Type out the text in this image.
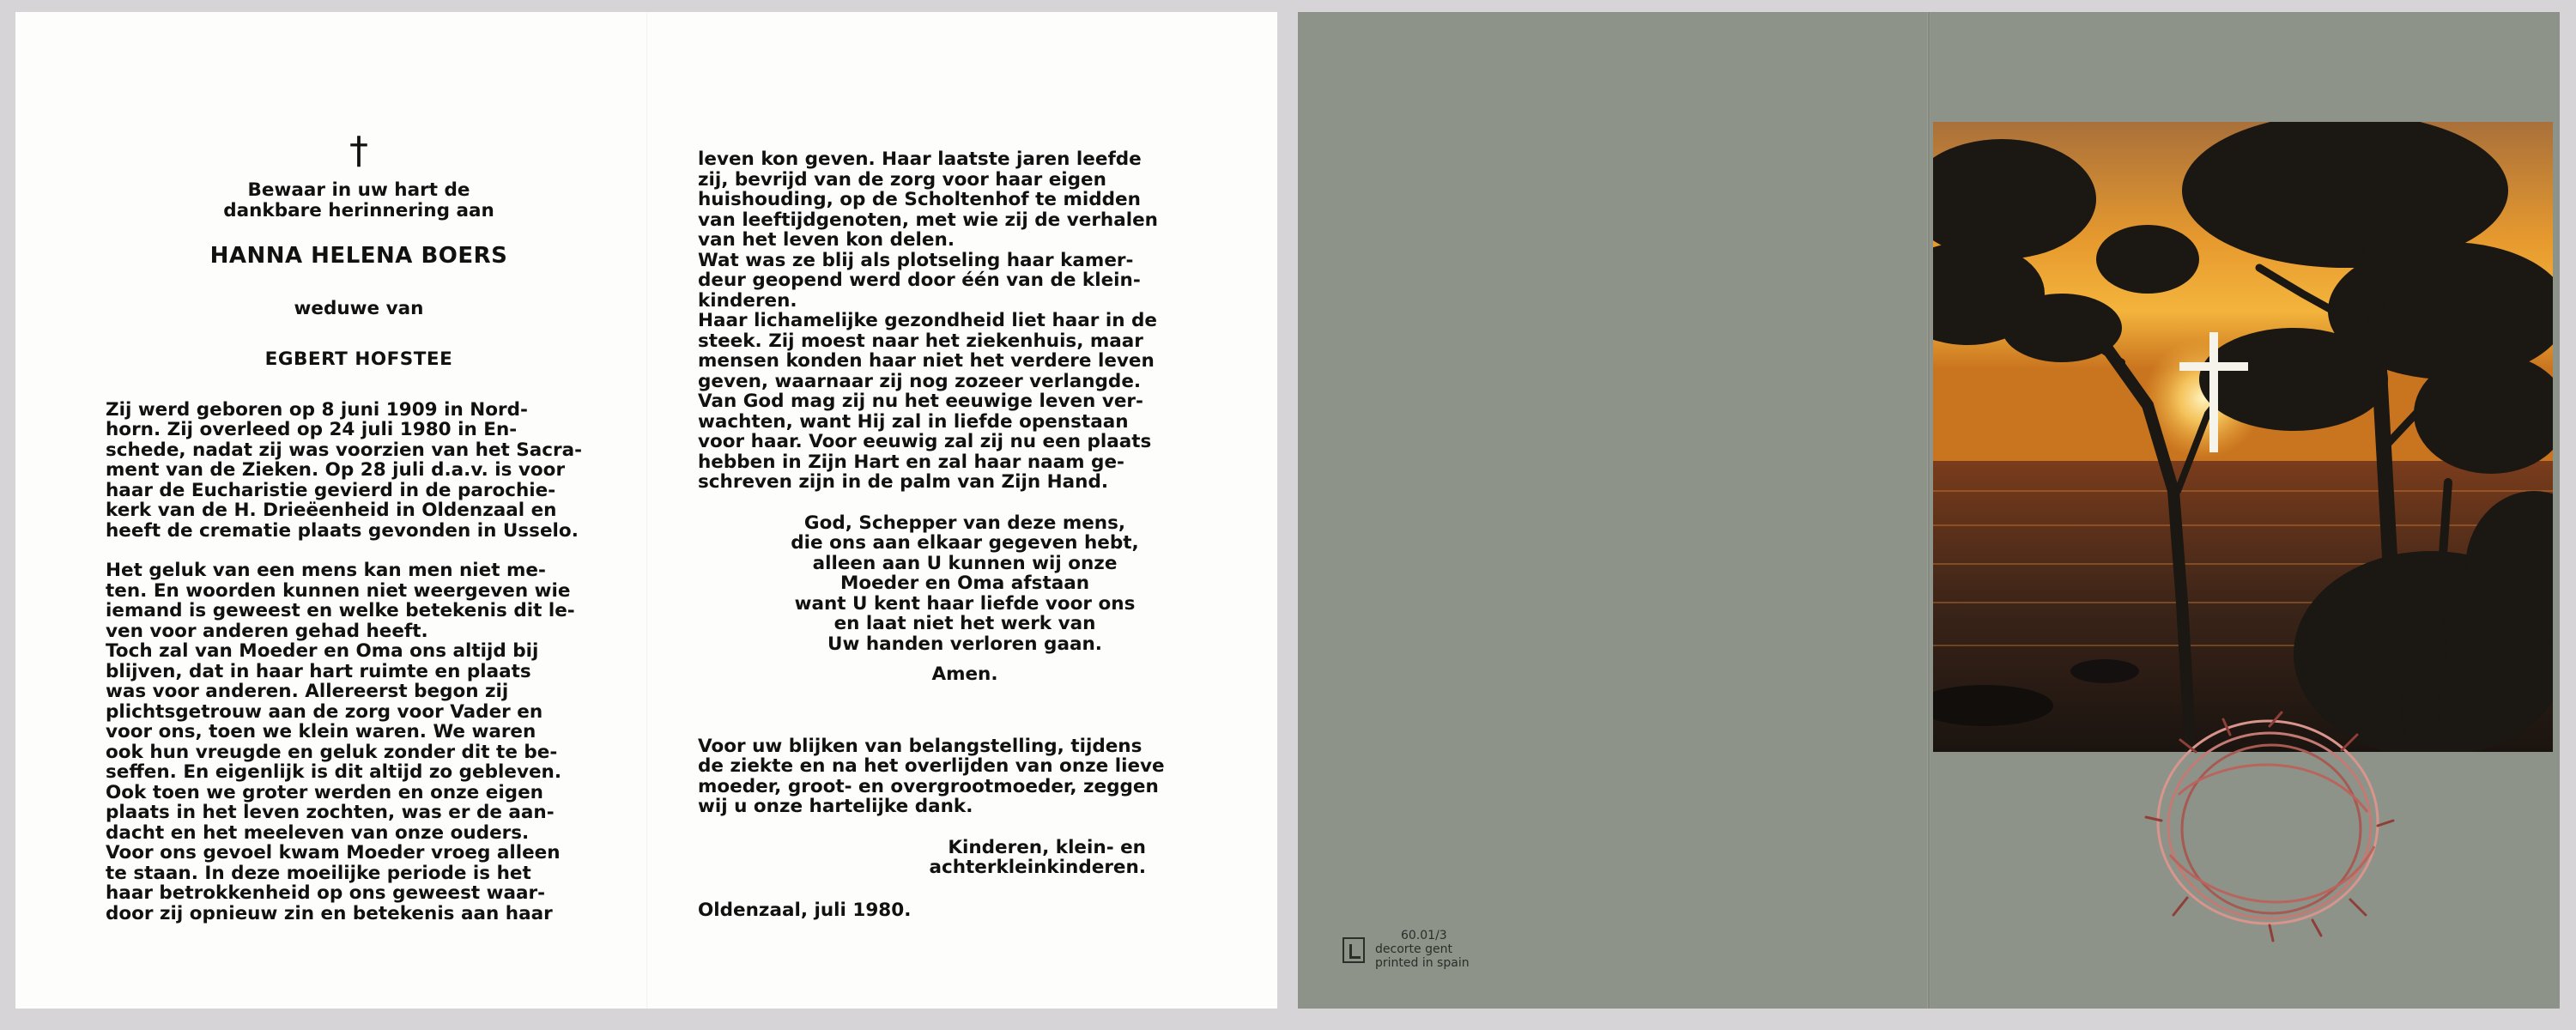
†
Bewaar in uw hart de
dankbare herinnering aan
HANNA HELENA BOERS
weduwe van
EGBERT HOFSTEE

Zij werd geboren op 8 juni 1909 in Nord-
horn. Zij overleed op 24 juli 1980 in En-
schede, nadat zij was voorzien van het Sacra-
ment van de Zieken. Op 28 juli d.a.v. is voor
haar de Eucharistie gevierd in de parochie-
kerk van de H. Drieëenheid in Oldenzaal en
heeft de crematie plaats gevonden in Usselo.

Het geluk van een mens kan men niet me-
ten. En woorden kunnen niet weergeven wie
iemand is geweest en welke betekenis dit le-
ven voor anderen gehad heeft.
Toch zal van Moeder en Oma ons altijd bij
blijven, dat in haar hart ruimte en plaats
was voor anderen. Allereerst begon zij
plichtsgetrouw aan de zorg voor Vader en
voor ons, toen we klein waren. We waren
ook hun vreugde en geluk zonder dit te be-
seffen. En eigenlijk is dit altijd zo gebleven.
Ook toen we groter werden en onze eigen
plaats in het leven zochten, was er de aan-
dacht en het meeleven van onze ouders.
Voor ons gevoel kwam Moeder vroeg alleen
te staan. In deze moeilijke periode is het
haar betrokkenheid op ons geweest waar-
door zij opnieuw zin en betekenis aan haar

leven kon geven. Haar laatste jaren leefde
zij, bevrijd van de zorg voor haar eigen
huishouding, op de Scholtenhof te midden
van leeftijdgenoten, met wie zij de verhalen
van het leven kon delen.
Wat was ze blij als plotseling haar kamer-
deur geopend werd door één van de klein-
kinderen.
Haar lichamelijke gezondheid liet haar in de
steek. Zij moest naar het ziekenhuis, maar
mensen konden haar niet het verdere leven
geven, waarnaar zij nog zozeer verlangde.
Van God mag zij nu het eeuwige leven ver-
wachten, want Hij zal in liefde openstaan
voor haar. Voor eeuwig zal zij nu een plaats
hebben in Zijn Hart en zal haar naam ge-
schreven zijn in de palm van Zijn Hand.

God, Schepper van deze mens,
die ons aan elkaar gegeven hebt,
alleen aan U kunnen wij onze
Moeder en Oma afstaan
want U kent haar liefde voor ons
en laat niet het werk van
Uw handen verloren gaan.
Amen.

Voor uw blijken van belangstelling, tijdens
de ziekte en na het overlijden van onze lieve
moeder, groot- en overgrootmoeder, zeggen
wij u onze hartelijke dank.

Kinderen, klein- en
achterkleinkinderen.
Oldenzaal, juli 1980.
60.01/3
decorte gent
printed in spain
